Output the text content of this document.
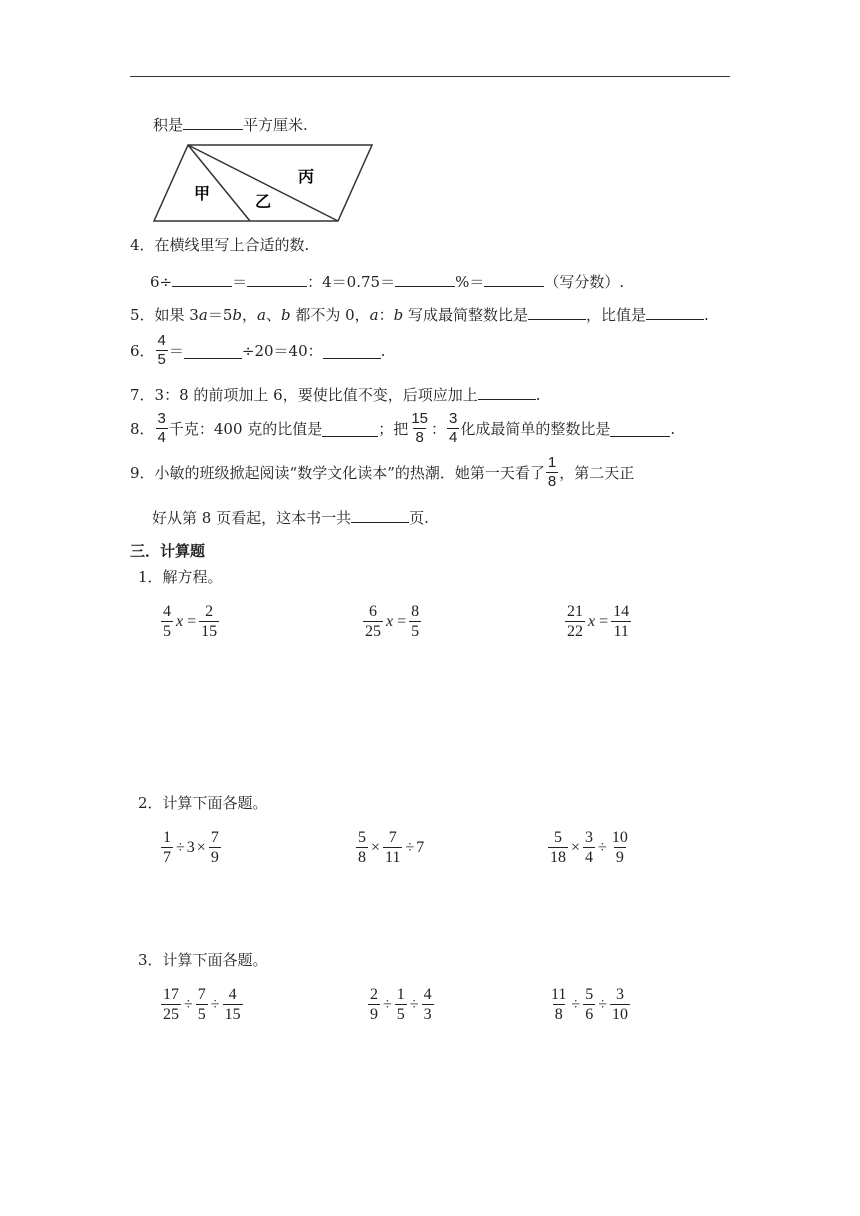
积是	平方厘米.
甲	乙
丙
4．在横线里写上合适的数.
6÷	＝	：4＝0.75＝	%＝	（写分数）.
5．如果 3a＝5b，a、b 都不为 0，a：b 写成最简整数比是	，比值是	.
6． $\frac{4}{5}$ ＝	÷20＝40：	.
7．3：8 的前项加上 6，要使比值不变，后项应加上	.
8． $\frac{3}{4}$ 千克：400 克的比值是	；把 $\frac{15}{8}$ ： $\frac{3}{4}$ 化成最简单的整数比是	.
9．小敏的班级掀起阅读“数学文化读本”的热潮．她第一天看了 $\frac{1}{8}$ ，第二天正
好从第 8 页看起，这本书一共	页.
三．计算题
1．解方程。
$\frac{4}{5}$ $x = \frac{2}{15}$	$\frac{6}{25}$ $x = \frac{8}{5}$	$\frac{21}{22}$ $x = \frac{14}{11}$
2．计算下面各题。
$\frac{1}{7} \div 3 \times \frac{7}{9}$	$\frac{5}{8} \times \frac{7}{11} \div 7$	$\frac{5}{18} \times \frac{3}{4} \div \frac{10}{9}$
3．计算下面各题。
$\frac{17}{25} \div \frac{7}{5} \div \frac{4}{15}$	$\frac{2}{9} \div \frac{1}{5} \div \frac{4}{3}$	$\frac{11}{8} \div \frac{5}{6} \div \frac{3}{10}$
